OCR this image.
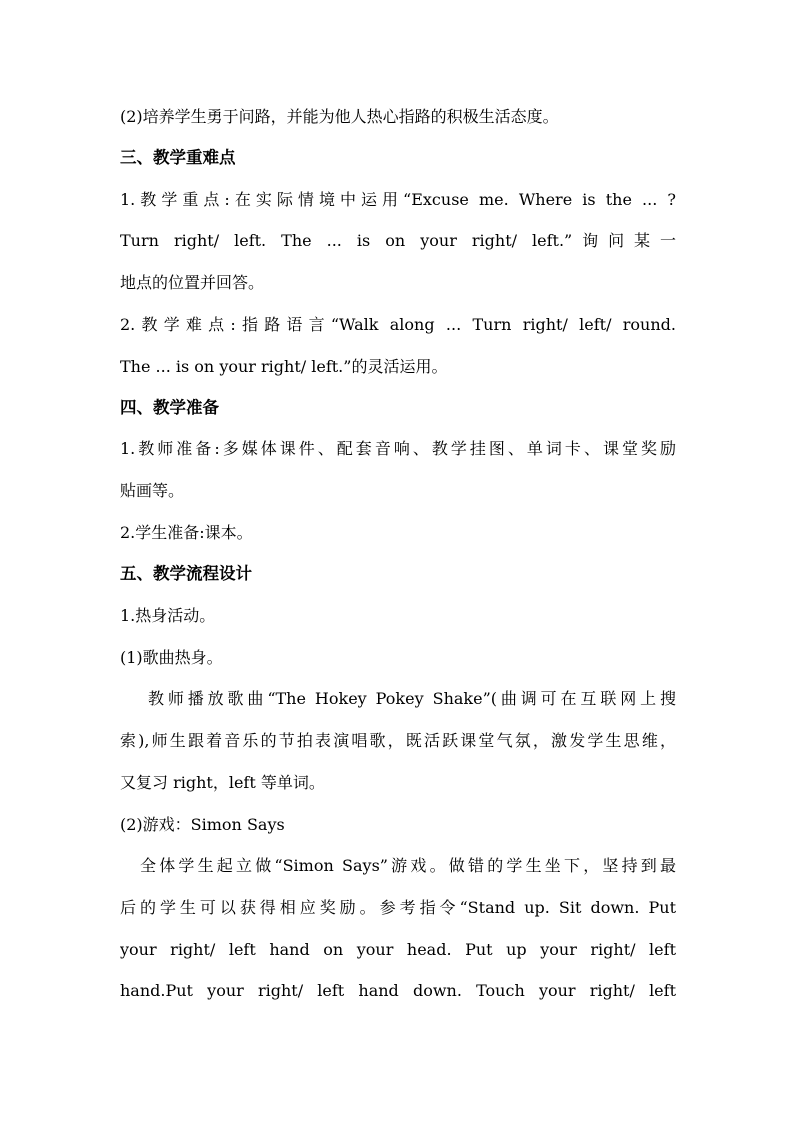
(2)培养学生勇于问路，并能为他人热心指路的积极生活态度。
三、教学重难点
1.教学重点:在实际情境中运用“Excuse me. Where is the ... ?
Turn right/ left. The ... is on your right/ left.”询问某一
地点的位置并回答。
2.教学难点:指路语言“Walk along ... Turn right/ left/ round.
The ... is on your right/ left.”的灵活运用。
四、教学准备
1.教师准备:多媒体课件、配套音响、教学挂图、单词卡、课堂奖励
贴画等。
2.学生准备:课本。
五、教学流程设计
1.热身活动。
(1)歌曲热身。
教师播放歌曲“The Hokey Pokey Shake”(曲调可在互联网上搜
索),师生跟着音乐的节拍表演唱歌，既活跃课堂气氛，激发学生思维，
又复习 right，left 等单词。
(2)游戏：Simon Says
全体学生起立做“Simon Says”游戏。做错的学生坐下，坚持到最
后的学生可以获得相应奖励。参考指令“Stand up. Sit down. Put
your right/ left hand on your head. Put up your right/ left
hand.Put your right/ left hand down. Touch your right/ left
